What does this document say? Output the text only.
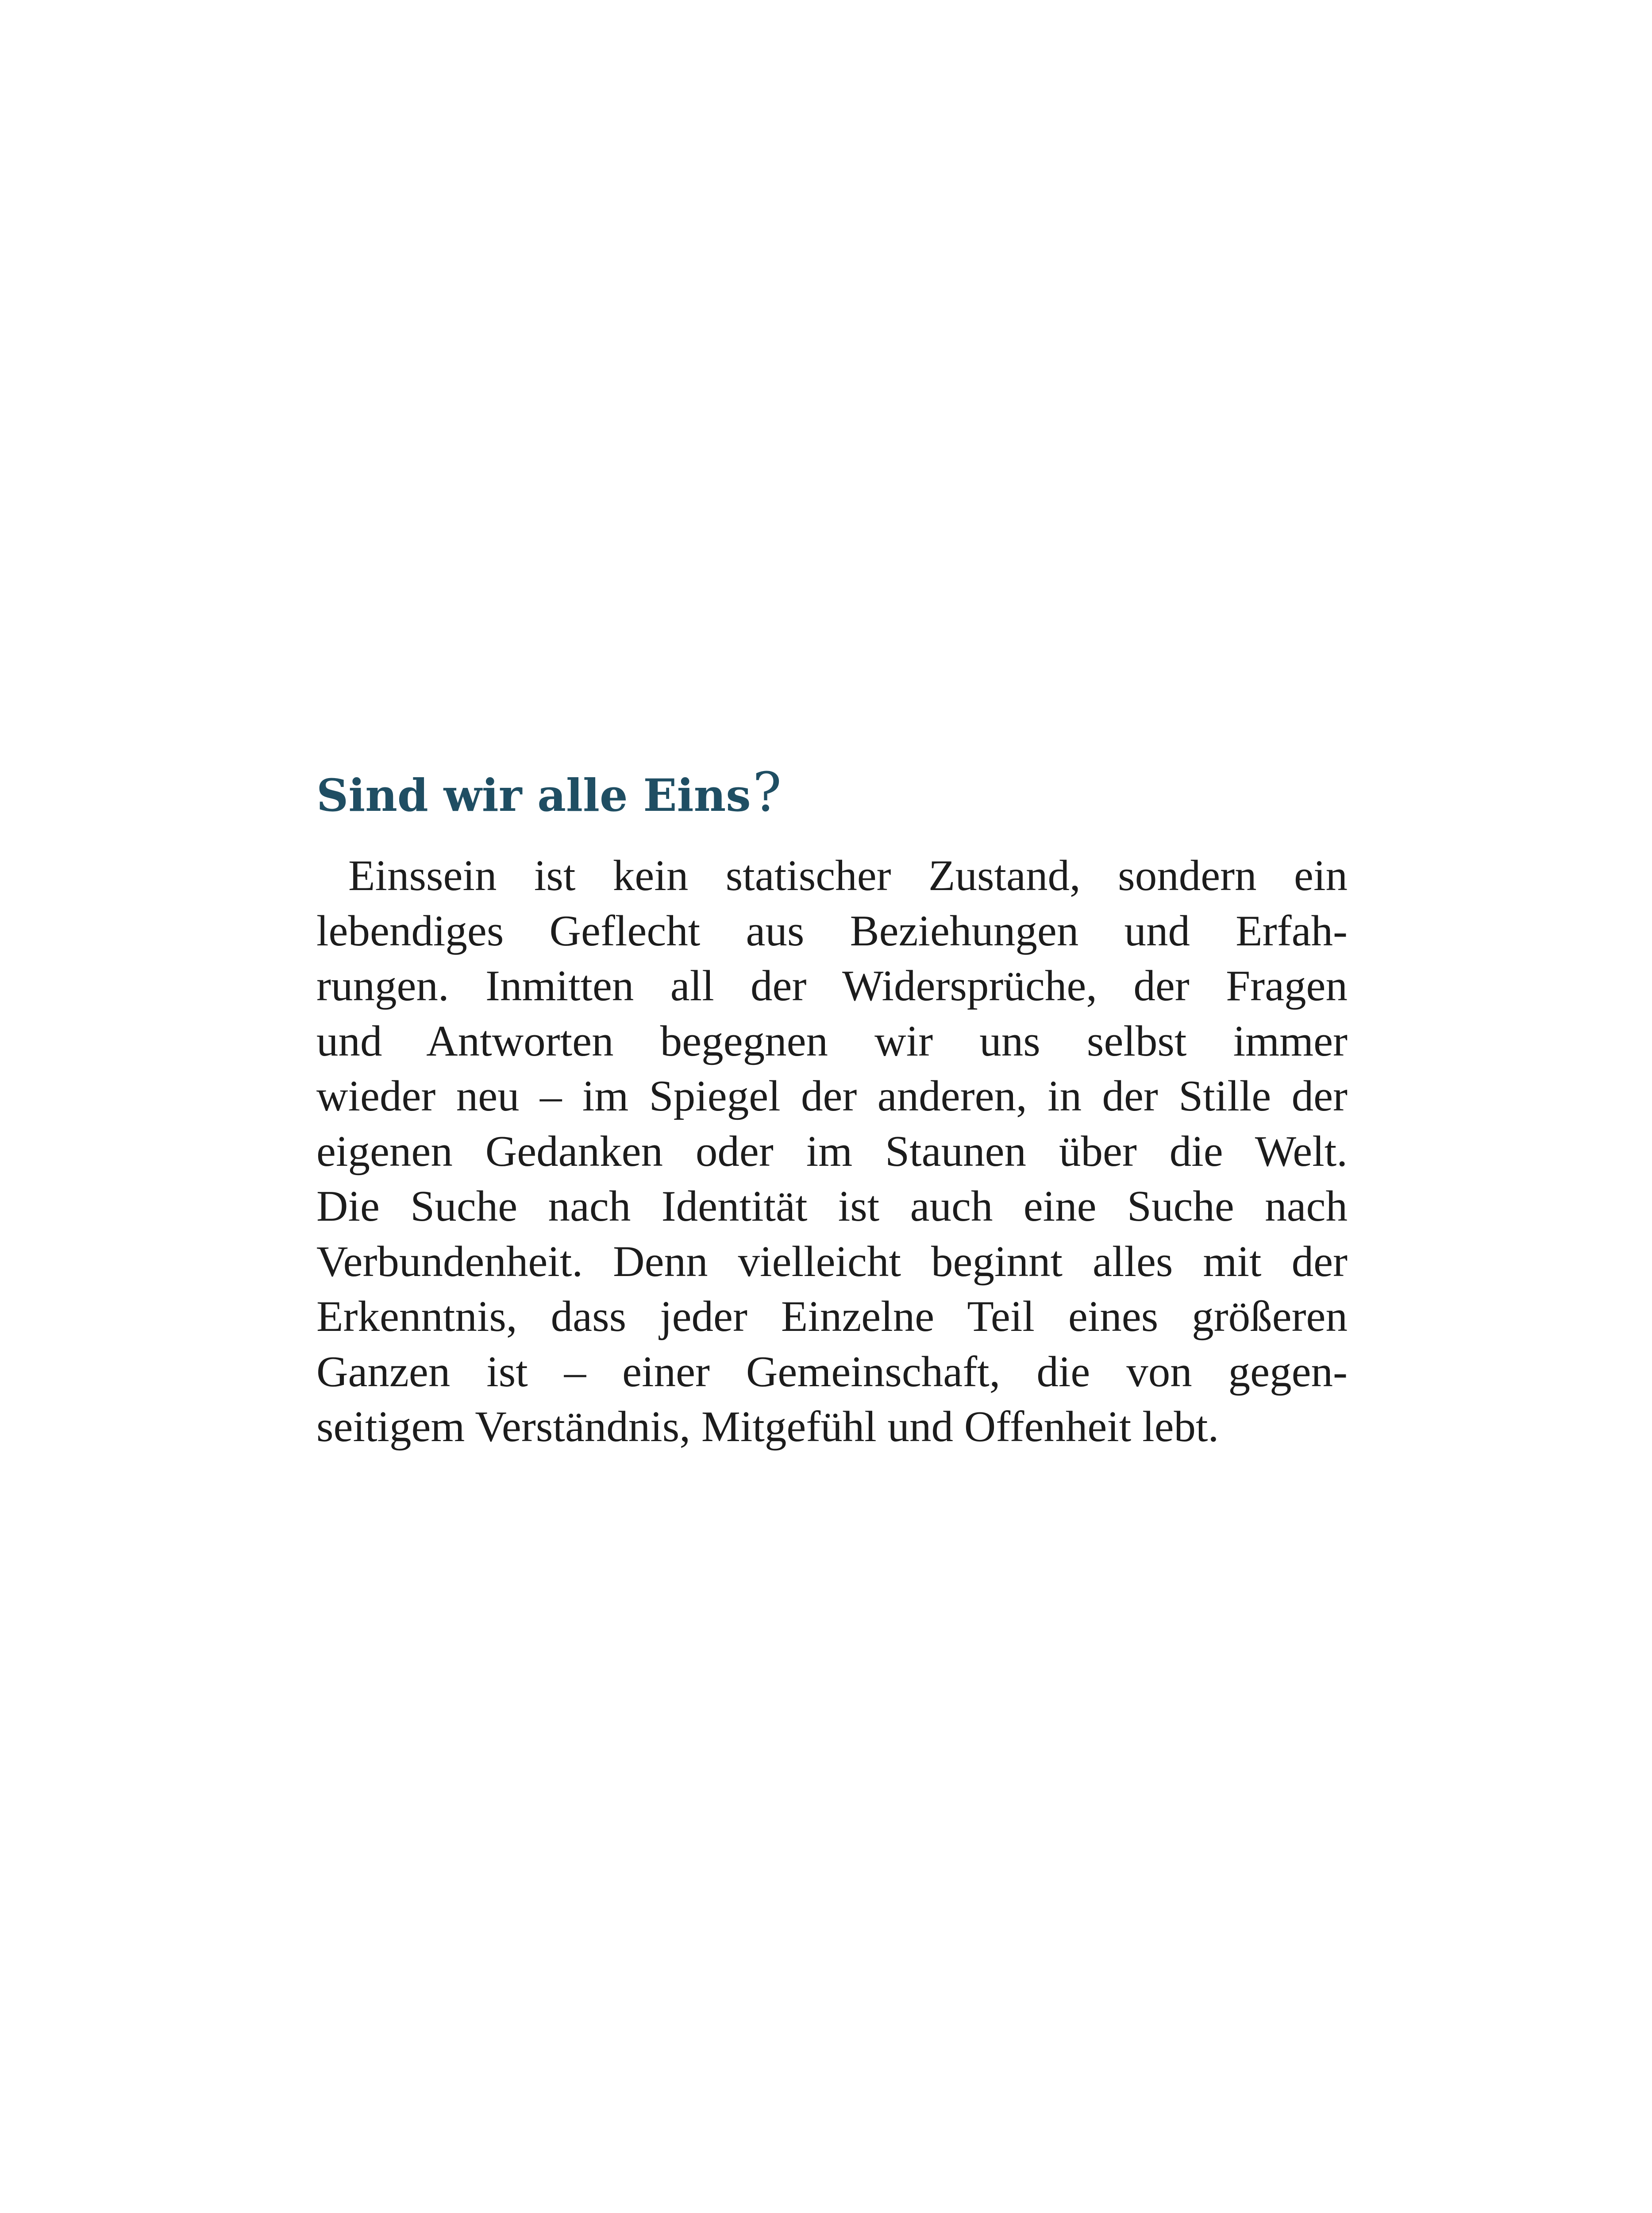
Sind wir alle Eins?

Einssein ist kein statischer Zustand, sondern ein
lebendiges Geflecht aus Beziehungen und Erfah-
rungen. Inmitten all der Widersprüche, der Fragen
und Antworten begegnen wir uns selbst immer
wieder neu – im Spiegel der anderen, in der Stille der
eigenen Gedanken oder im Staunen über die Welt.
Die Suche nach Identität ist auch eine Suche nach
Verbundenheit. Denn vielleicht beginnt alles mit der
Erkenntnis, dass jeder Einzelne Teil eines größeren
Ganzen ist – einer Gemeinschaft, die von gegen-
seitigem Verständnis, Mitgefühl und Offenheit lebt.
